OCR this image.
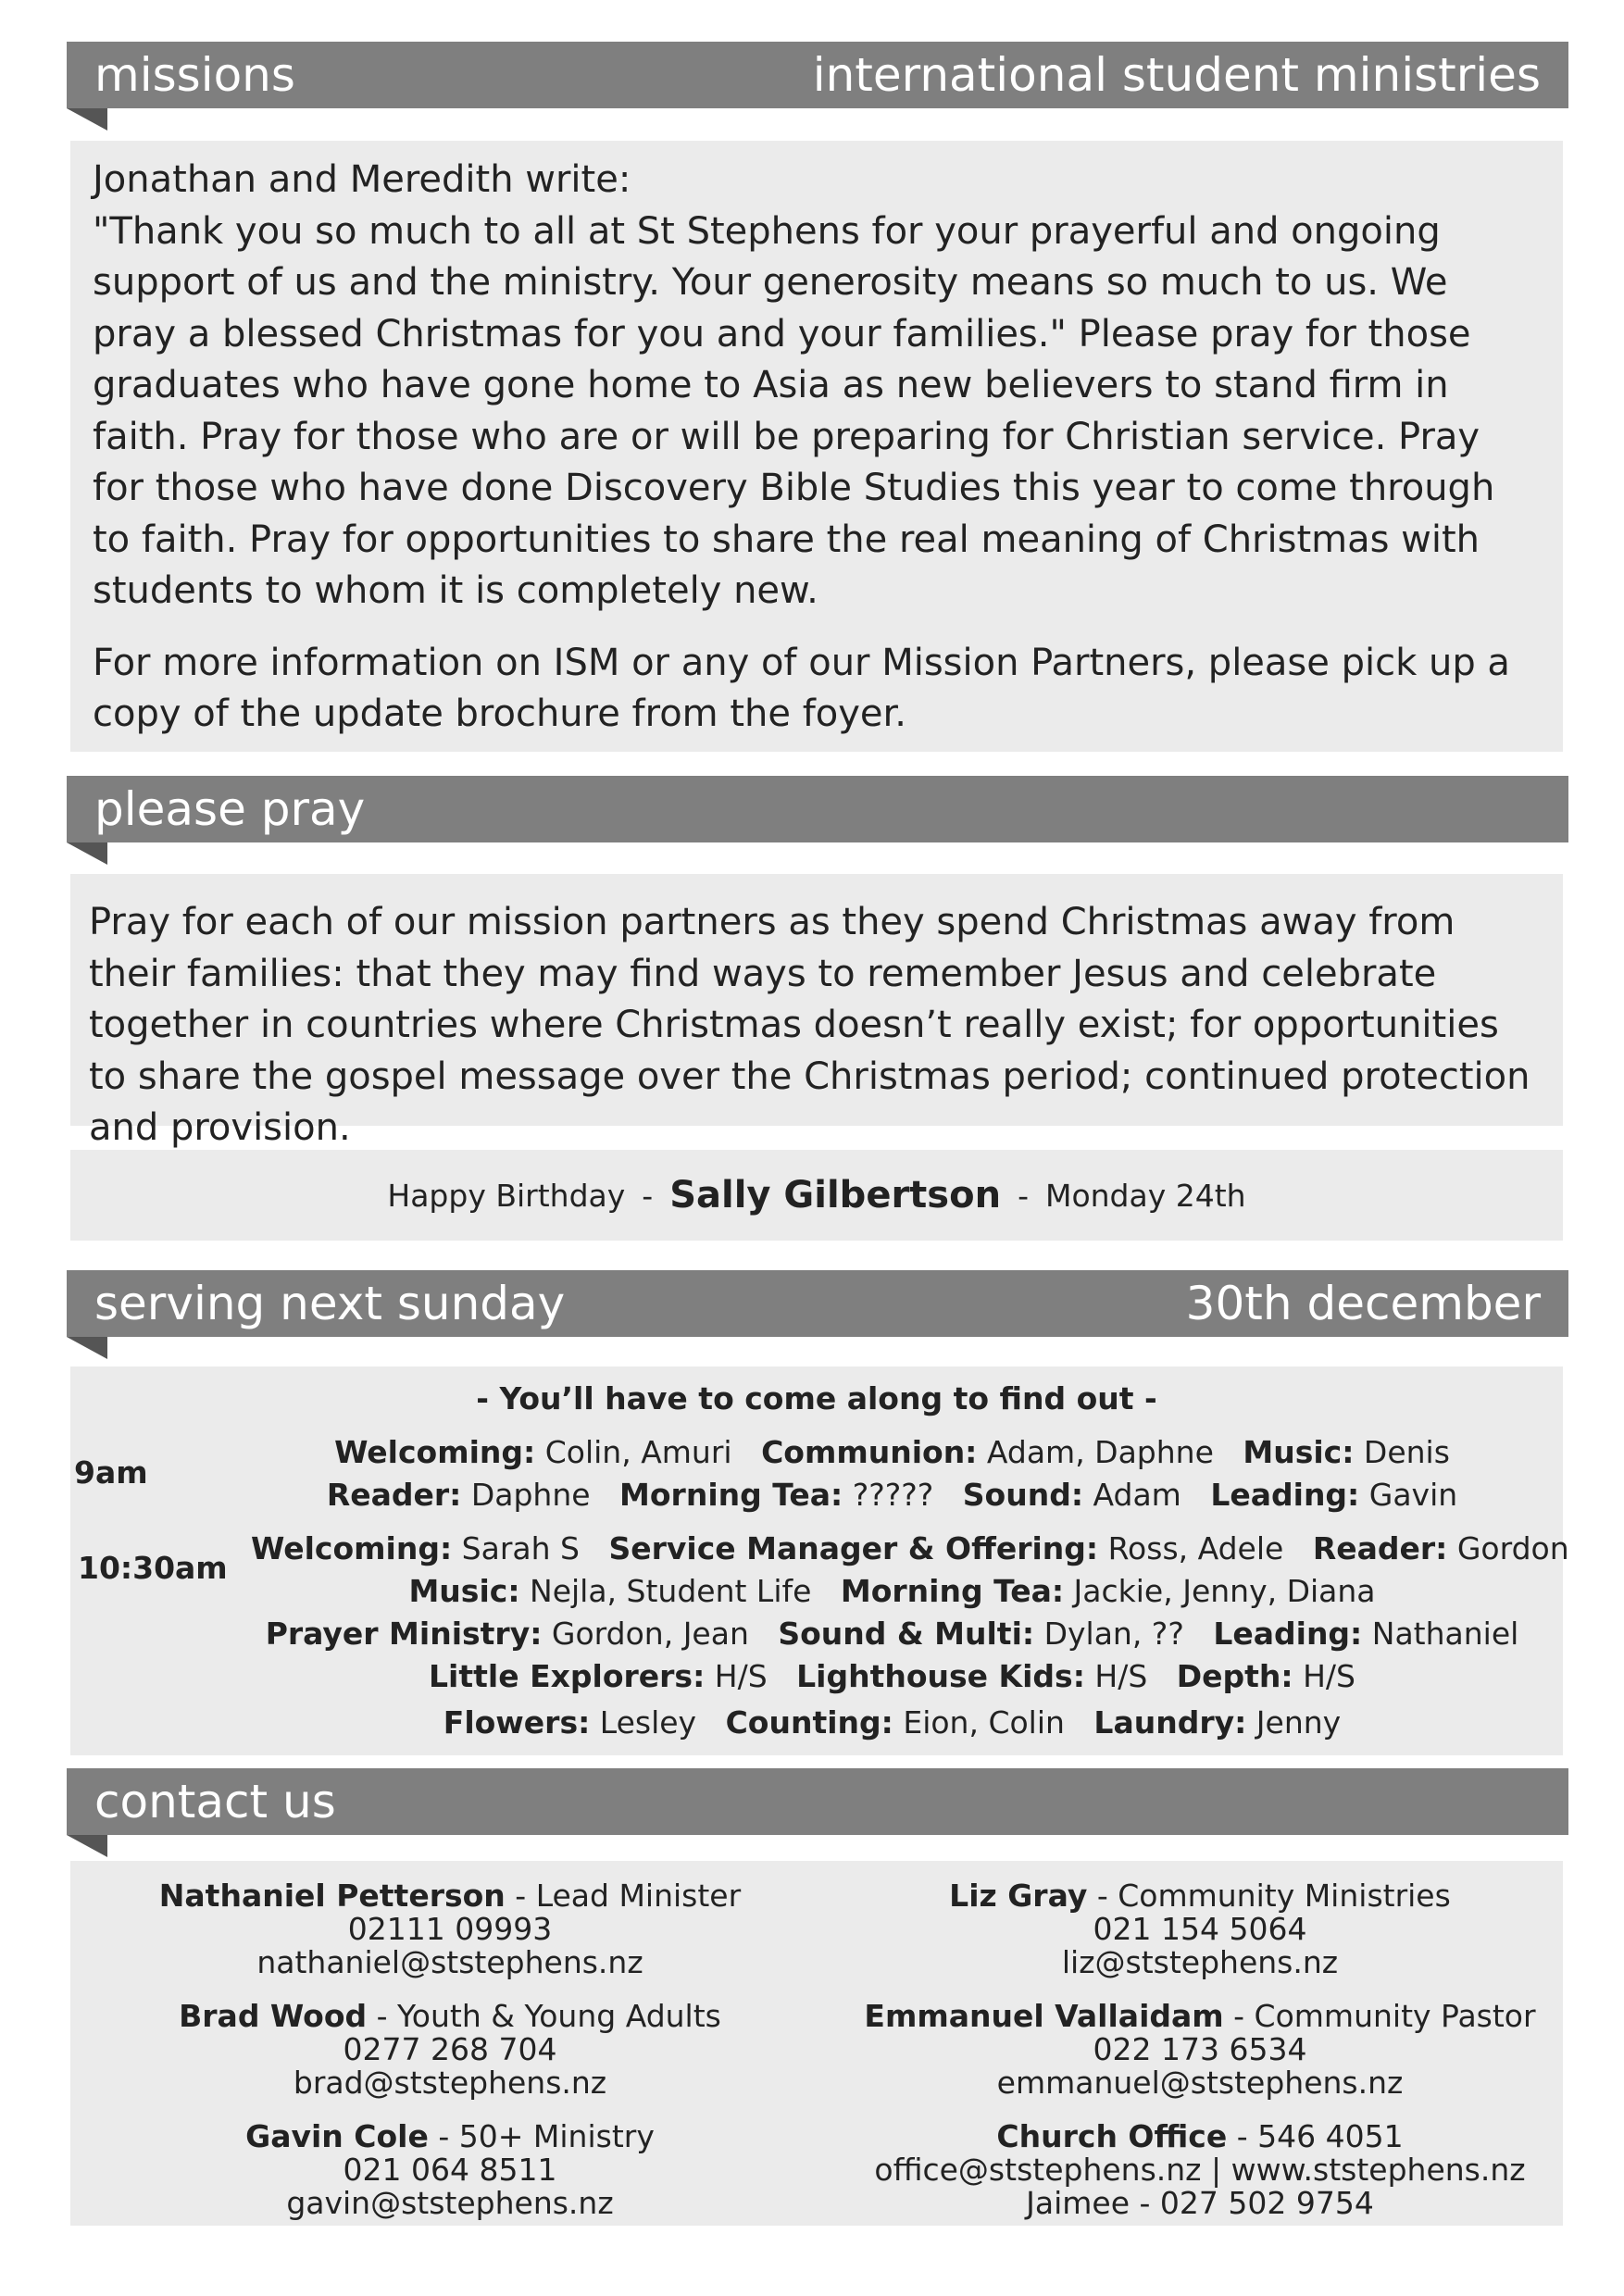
missions	international student ministries

Jonathan and Meredith write:

"Thank you so much to all at St Stephens for your prayerful and ongoing support of us and the ministry. Your generosity means so much to us. We pray a blessed Christmas for you and your families." Please pray for those graduates who have gone home to Asia as new believers to stand firm in faith. Pray for those who are or will be preparing for Christian service. Pray for those who have done Discovery Bible Studies this year to come through to faith. Pray for opportunities to share the real meaning of Christmas with students to whom it is completely new.

For more information on ISM or any of our Mission Partners, please pick up a copy of the update brochure from the foyer.

please pray

Pray for each of our mission partners as they spend Christmas away from their families: that they may find ways to remember Jesus and celebrate together in countries where Christmas doesn’t really exist; for opportunities to share the gospel message over the Christmas period; continued protection and provision.

Happy Birthday - Sally Gilbertson - Monday 24th
serving next sunday	30th december
- You’ll have to come along to find out -
9am
Welcoming: Colin, Amuri Communion: Adam, Daphne Music: Denis
Reader: Daphne Morning Tea: ????? Sound: Adam Leading: Gavin
10:30am
Welcoming: Sarah S Service Manager & Offering: Ross, Adele Reader: Gordon
Music: Nejla, Student Life Morning Tea: Jackie, Jenny, Diana
Prayer Ministry: Gordon, Jean Sound & Multi: Dylan, ?? Leading: Nathaniel
Little Explorers: H/S Lighthouse Kids: H/S Depth: H/S
Flowers: Lesley Counting: Eion, Colin Laundry: Jenny
contact us
Nathaniel Petterson - Lead Minister
02111 09993
nathaniel@ststephens.nz
Brad Wood - Youth & Young Adults
0277 268 704
brad@ststephens.nz
Gavin Cole - 50+ Ministry
021 064 8511
gavin@ststephens.nz
Liz Gray - Community Ministries
021 154 5064
liz@ststephens.nz
Emmanuel Vallaidam - Community Pastor
022 173 6534
emmanuel@ststephens.nz
Church Office - 546 4051
office@ststephens.nz | www.ststephens.nz
Jaimee - 027 502 9754
